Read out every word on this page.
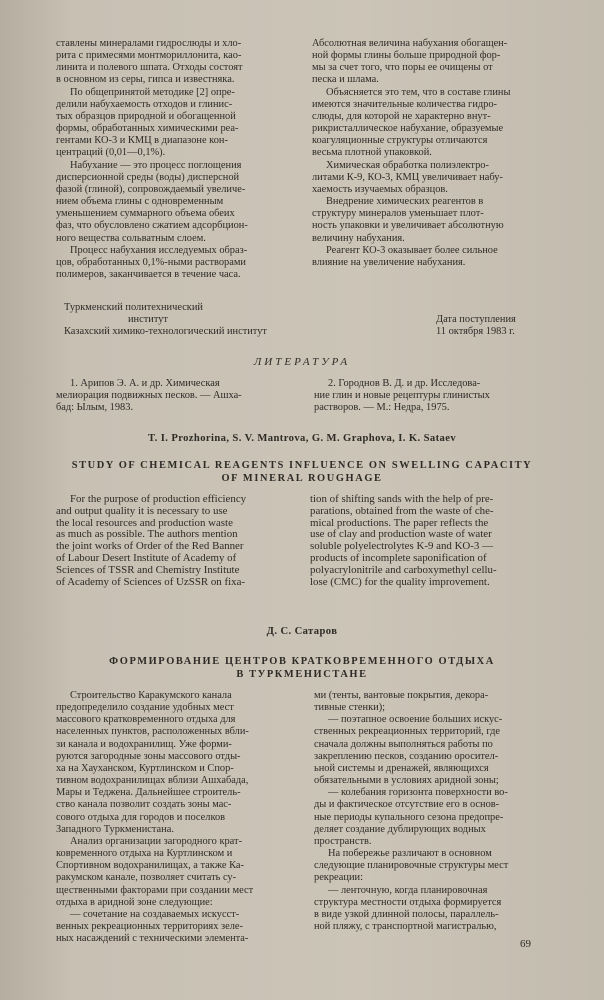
ставлены минералами гидрослюды и хло-
рита с примесями монтмориллонита, као-
линита и полевого шпата. Отходы состоят
в основном из серы, гипса и известняка.
По общепринятой методике [2] опре-
делили набухаемость отходов и глинис-
тых образцов природной и обогащенной
формы, обработанных химическими реа-
гентами КО-3 и КМЦ в диапазоне кон-
центраций (0,01—0,1%).
Набухание — это процесс поглощения
дисперсионной среды (воды) дисперсной
фазой (глиной), сопровождаемый увеличе-
нием объема глины с одновременным
уменьшением суммарного объема обеих
фаз, что обусловлено сжатием адсорбцион-
ного вещества сольватным слоем.
Процесс набухания исследуемых образ-
цов, обработанных 0,1%-ными растворами
полимеров, заканчивается в течение часа.
Абсолютная величина набухания обогащен-
ной формы глины больше природной фор-
мы за счет того, что поры ее очищены от
песка и шлама.
Объясняется это тем, что в составе глины
имеются значительные количества гидро-
слюды, для которой не характерно внут-
рикристаллическое набухание, образуемые
коагуляционные структуры отличаются
весьма плотной упаковкой.
Химическая обработка полиэлектро-
литами К-9, КО-3, КМЦ увеличивает набу-
хаемость изучаемых образцов.
Внедрение химических реагентов в
структуру минералов уменьшает плот-
ность упаковки и увеличивает абсолютную
величину набухания.
Реагент КО-3 оказывает более сильное
влияние на увеличение набухания.
Туркменский политехнический
институт
Казахский химико-технологический институт
Дата поступления
11 октября 1983 г.
ЛИТЕРАТУРА
1. Арипов Э. А. и др. Химическая
мелиорация подвижных песков. — Ашха-
бад: Ылым, 1983.
2. Городнов В. Д. и др. Исследова-
ние глин и новые рецептуры глинистых
растворов. — М.: Недра, 1975.
T. I. Prozhorina, S. V. Mantrova, G. M. Graphova, I. K. Sataev
STUDY OF CHEMICAL REAGENTS INFLUENCE ON SWELLING CAPACITY
OF MINERAL ROUGHAGE
For the purpose of production efficiency
and output quality it is necessary to use
the local resources and production waste
as much as possible. The authors mention
the joint works of Order of the Red Banner
of Labour Desert Institute of Academy of
Sciences of TSSR and Chemistry Institute
of Academy of Sciences of UzSSR on fixa-
tion of shifting sands with the help of pre-
parations, obtained from the waste of che-
mical productions. The paper reflects the
use of clay and production waste of water
soluble polyelectrolytes K-9 and KO-3 —
products of incomplete saponification of
polyacrylonitrile and carboxymethyl cellu-
lose (CMC) for the quality improvement.
Д. С. Сатаров
ФОРМИРОВАНИЕ ЦЕНТРОВ КРАТКОВРЕМЕННОГО ОТДЫХА
В ТУРКМЕНИСТАНЕ
Строительство Каракумского канала
предопределило создание удобных мест
массового кратковременного отдыха для
населенных пунктов, расположенных вбли-
зи канала и водохранилищ. Уже форми-
руются загородные зоны массового отды-
ха на Хауханском, Куртлинском и Спор-
тивном водохранилищах вблизи Ашхабада,
Мары и Теджена. Дальнейшее строитель-
ство канала позволит создать зоны мас-
сового отдыха для городов и поселков
Западного Туркменистана.
Анализ организации загородного крат-
ковременного отдыха на Куртлинском и
Спортивном водохранилищах, а также Ка-
ракумском канале, позволяет считать су-
щественными факторами при создании мест
отдыха в аридной зоне следующие:
— сочетание на создаваемых искусст-
венных рекреационных территориях зеле-
ных насаждений с техническими элемента-
ми (тенты, вантовые покрытия, декора-
тивные стенки);
— поэтапное освоение больших искус-
ственных рекреационных территорий, где
сначала должны выполняться работы по
закреплению песков, созданию оросител-
ьной системы и дренажей, являющихся
обязательными в условиях аридной зоны;
— колебания горизонта поверхности во-
ды и фактическое отсутствие его в основ-
ные периоды купального сезона предопре-
деляет создание дублирующих водных
пространств.
На побережье различают в основном
следующие планировочные структуры мест
рекреации:
— ленточную, когда планировочная
структура местности отдыха формируется
в виде узкой длинной полосы, параллель-
ной пляжу, с транспортной магистралью,
69
